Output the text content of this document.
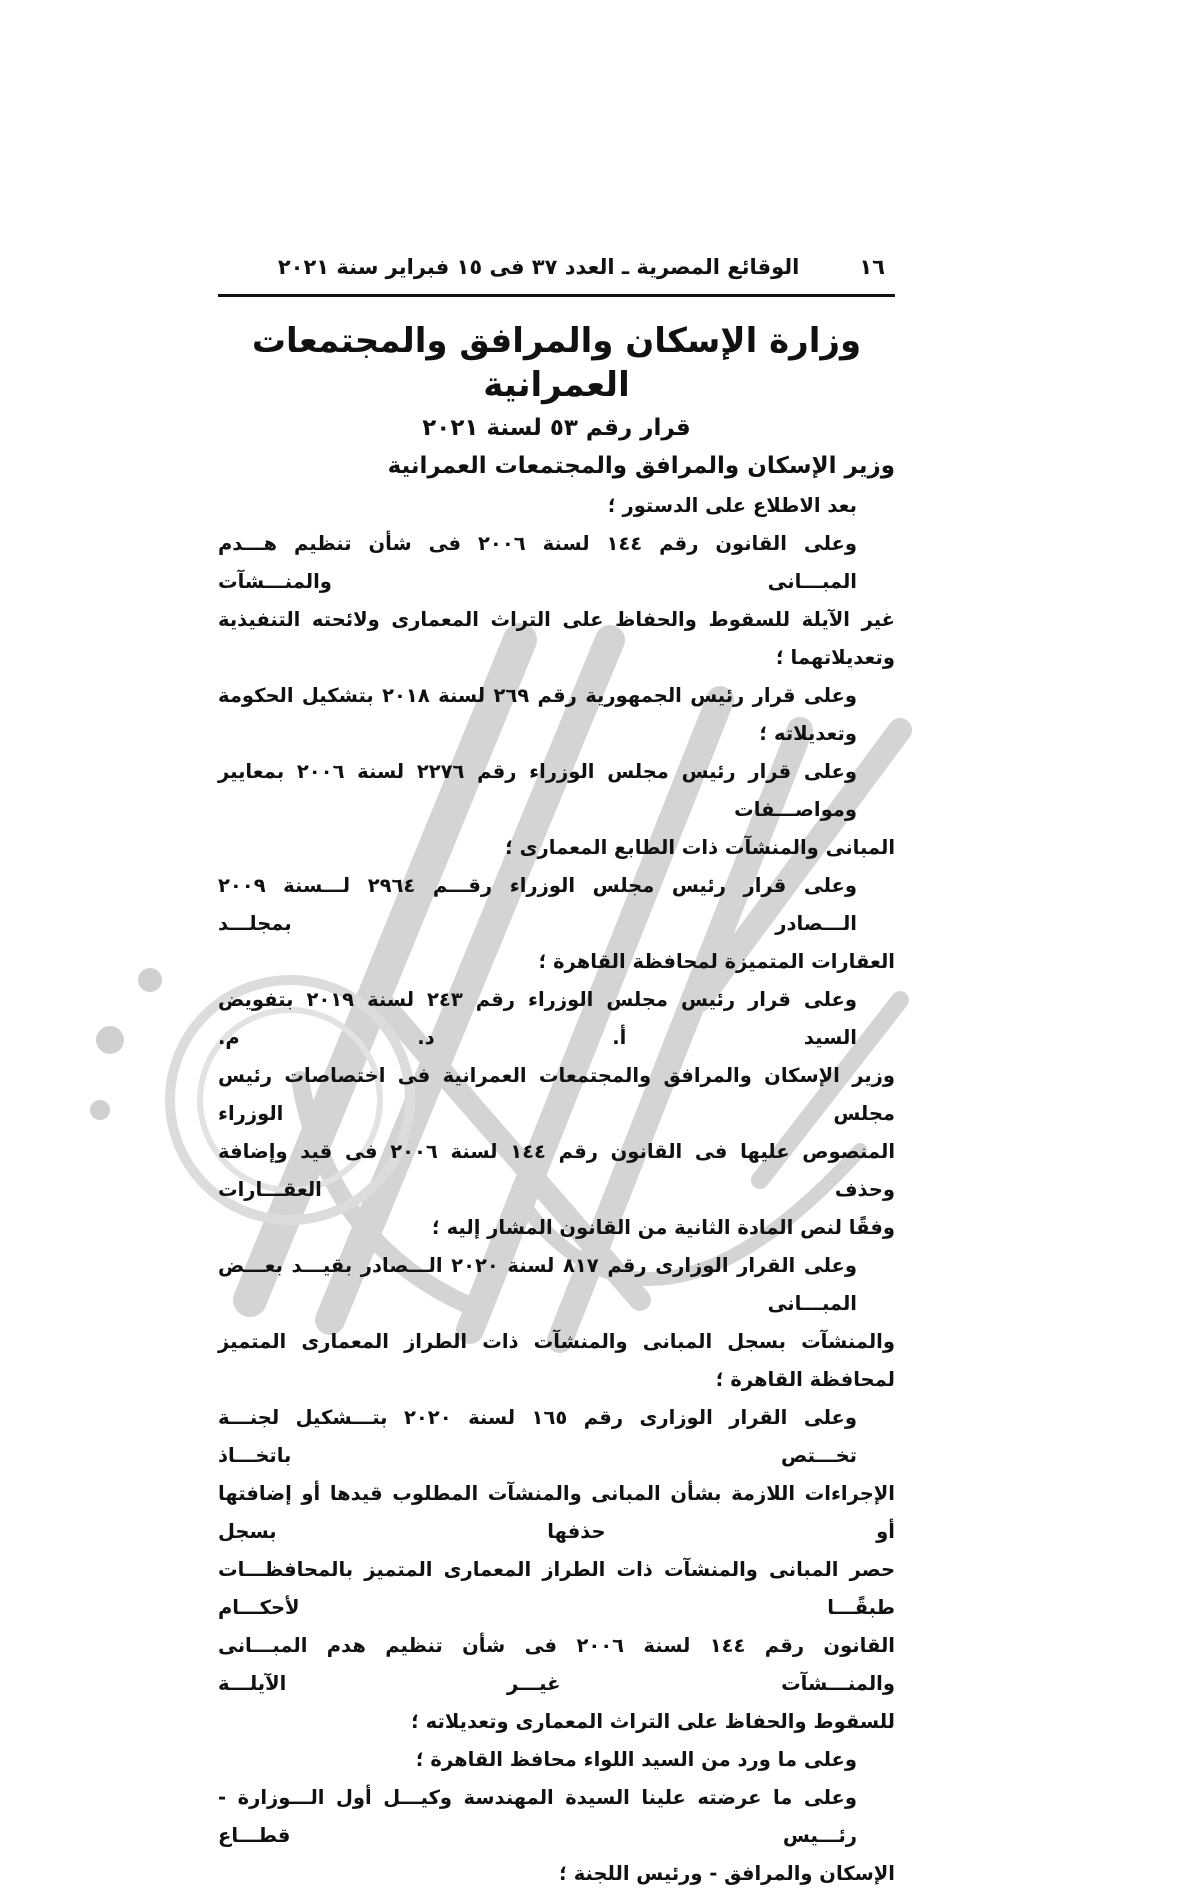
١٦
الوقائع المصرية ـ العدد ٣٧ فى ١٥ فبراير سنة ٢٠٢١
وزارة الإسكان والمرافق والمجتمعات العمرانية
قرار رقم ٥٣ لسنة ٢٠٢١
وزير الإسكان والمرافق والمجتمعات العمرانية
بعد الاطلاع على الدستور ؛
وعلى القانون رقم ١٤٤ لسنة ٢٠٠٦ فى شأن تنظيم هـــدم المبـــانى والمنـــشآت
غير الآيلة للسقوط والحفاظ على التراث المعمارى ولائحته التنفيذية وتعديلاتهما ؛
وعلى قرار رئيس الجمهورية رقم ٢٦٩ لسنة ٢٠١٨ بتشكيل الحكومة وتعديلاته ؛
وعلى قرار رئيس مجلس الوزراء رقم ٢٢٧٦ لسنة ٢٠٠٦ بمعايير ومواصـــفات
المبانى والمنشآت ذات الطابع المعمارى ؛
وعلى قرار رئيس مجلس الوزراء رقـــم ٢٩٦٤ لـــسنة ٢٠٠٩ الـــصادر بمجلـــد
العقارات المتميزة لمحافظة القاهرة ؛
وعلى قرار رئيس مجلس الوزراء رقم ٢٤٣ لسنة ٢٠١٩ بتفويض السيد أ. د. م.
وزير الإسكان والمرافق والمجتمعات العمرانية فى اختصاصات رئيس مجلس الوزراء
المنصوص عليها فى القانون رقم ١٤٤ لسنة ٢٠٠٦ فى قيد وإضافة وحذف العقـــارات
وفقًا لنص المادة الثانية من القانون المشار إليه ؛
وعلى القرار الوزارى رقم ٨١٧ لسنة ٢٠٢٠ الـــصادر بقيـــد بعـــض المبـــانى
والمنشآت بسجل المبانى والمنشآت ذات الطراز المعمارى المتميز لمحافظة القاهرة ؛
وعلى القرار الوزارى رقم ١٦٥ لسنة ٢٠٢٠ بتـــشكيل لجنـــة تخـــتص باتخـــاذ
الإجراءات اللازمة بشأن المبانى والمنشآت المطلوب قيدها أو إضافتها أو حذفها بسجل
حصر المبانى والمنشآت ذات الطراز المعمارى المتميز بالمحافظـــات طبقًـــا لأحكـــام
القانون رقم ١٤٤ لسنة ٢٠٠٦ فى شأن تنظيم هدم المبـــانى والمنـــشآت غيـــر الآيلـــة
للسقوط والحفاظ على التراث المعمارى وتعديلاته ؛
وعلى ما ورد من السيد اللواء محافظ القاهرة ؛
وعلى ما عرضته علينا السيدة المهندسة وكيـــل أول الـــوزارة - رئـــيس قطـــاع
الإسكان والمرافق - ورئيس اللجنة ؛
